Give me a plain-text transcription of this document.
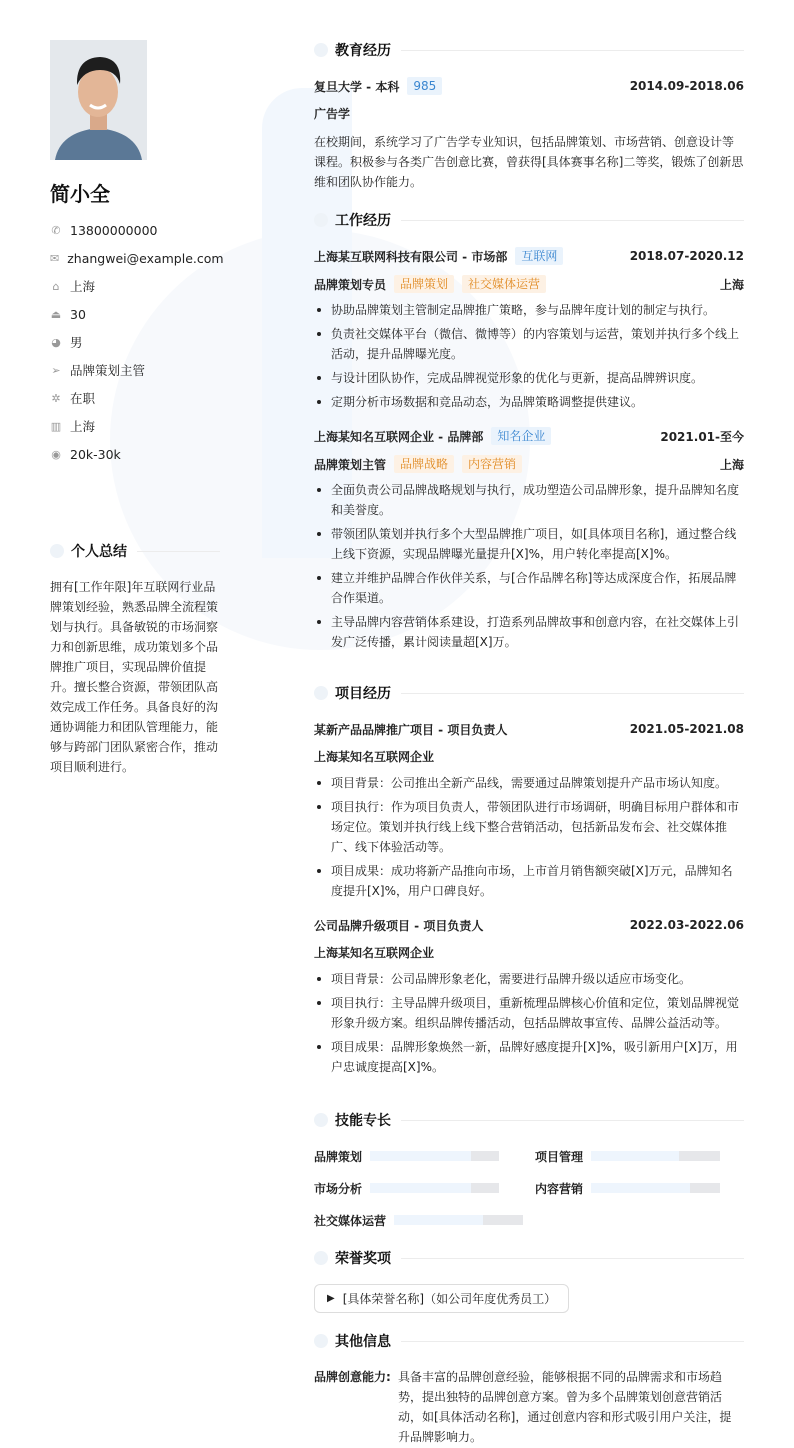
简小全
✆ 13800000000
✉ zhangwei@example.com
⌂ 上海
⏏ 30
◕ 男
➢ 品牌策划主管
✲ 在职
▥ 上海
◉ 20k-30k
个人总结

拥有[工作年限]年互联网行业品牌策划经验，熟悉品牌全流程策划与执行。具备敏锐的市场洞察力和创新思维，成功策划多个品牌推广项目，实现品牌价值提升。擅长整合资源，带领团队高效完成工作任务。具备良好的沟通协调能力和团队管理能力，能够与跨部门团队紧密合作，推动项目顺利进行。

教育经历
复旦大学 - 本科	985	2014.09-2018.06
广告学
在校期间，系统学习了广告学专业知识，包括品牌策划、市场营销、创意设计等课程。积极参与各类广告创意比赛，曾获得[具体赛事名称]二等奖，锻炼了创新思维和团队协作能力。
工作经历
上海某互联网科技有限公司 - 市场部	互联网	2018.07-2020.12
品牌策划专员	品牌策划	社交媒体运营	上海
协助品牌策划主管制定品牌推广策略，参与品牌年度计划的制定与执行。
负责社交媒体平台（微信、微博等）的内容策划与运营，策划并执行多个线上活动，提升品牌曝光度。
与设计团队协作，完成品牌视觉形象的优化与更新，提高品牌辨识度。
定期分析市场数据和竞品动态，为品牌策略调整提供建议。
上海某知名互联网企业 - 品牌部	知名企业	2021.01-至今
品牌策划主管	品牌战略	内容营销	上海
全面负责公司品牌战略规划与执行，成功塑造公司品牌形象，提升品牌知名度和美誉度。
带领团队策划并执行多个大型品牌推广项目，如[具体项目名称]，通过整合线上线下资源，实现品牌曝光量提升[X]%，用户转化率提高[X]%。
建立并维护品牌合作伙伴关系，与[合作品牌名称]等达成深度合作，拓展品牌合作渠道。
主导品牌内容营销体系建设，打造系列品牌故事和创意内容，在社交媒体上引发广泛传播，累计阅读量超[X]万。
项目经历
某新产品品牌推广项目 - 项目负责人	2021.05-2021.08
上海某知名互联网企业
项目背景：公司推出全新产品线，需要通过品牌策划提升产品市场认知度。
项目执行：作为项目负责人，带领团队进行市场调研，明确目标用户群体和市场定位。策划并执行线上线下整合营销活动，包括新品发布会、社交媒体推广、线下体验活动等。
项目成果：成功将新产品推向市场，上市首月销售额突破[X]万元，品牌知名度提升[X]%，用户口碑良好。
公司品牌升级项目 - 项目负责人	2022.03-2022.06
上海某知名互联网企业
项目背景：公司品牌形象老化，需要进行品牌升级以适应市场变化。
项目执行：主导品牌升级项目，重新梳理品牌核心价值和定位，策划品牌视觉形象升级方案。组织品牌传播活动，包括品牌故事宣传、品牌公益活动等。
项目成果：品牌形象焕然一新，品牌好感度提升[X]%，吸引新用户[X]万，用户忠诚度提高[X]%。
技能专长
品牌策划	项目管理
市场分析	内容营销
社交媒体运营
荣誉奖项
▶ [具体荣誉名称]（如公司年度优秀员工）
其他信息
品牌创意能力: 具备丰富的品牌创意经验，能够根据不同的品牌需求和市场趋势，提出独特的品牌创意方案。曾为多个品牌策划创意营销活动，如[具体活动名称]，通过创意内容和形式吸引用户关注，提升品牌影响力。
